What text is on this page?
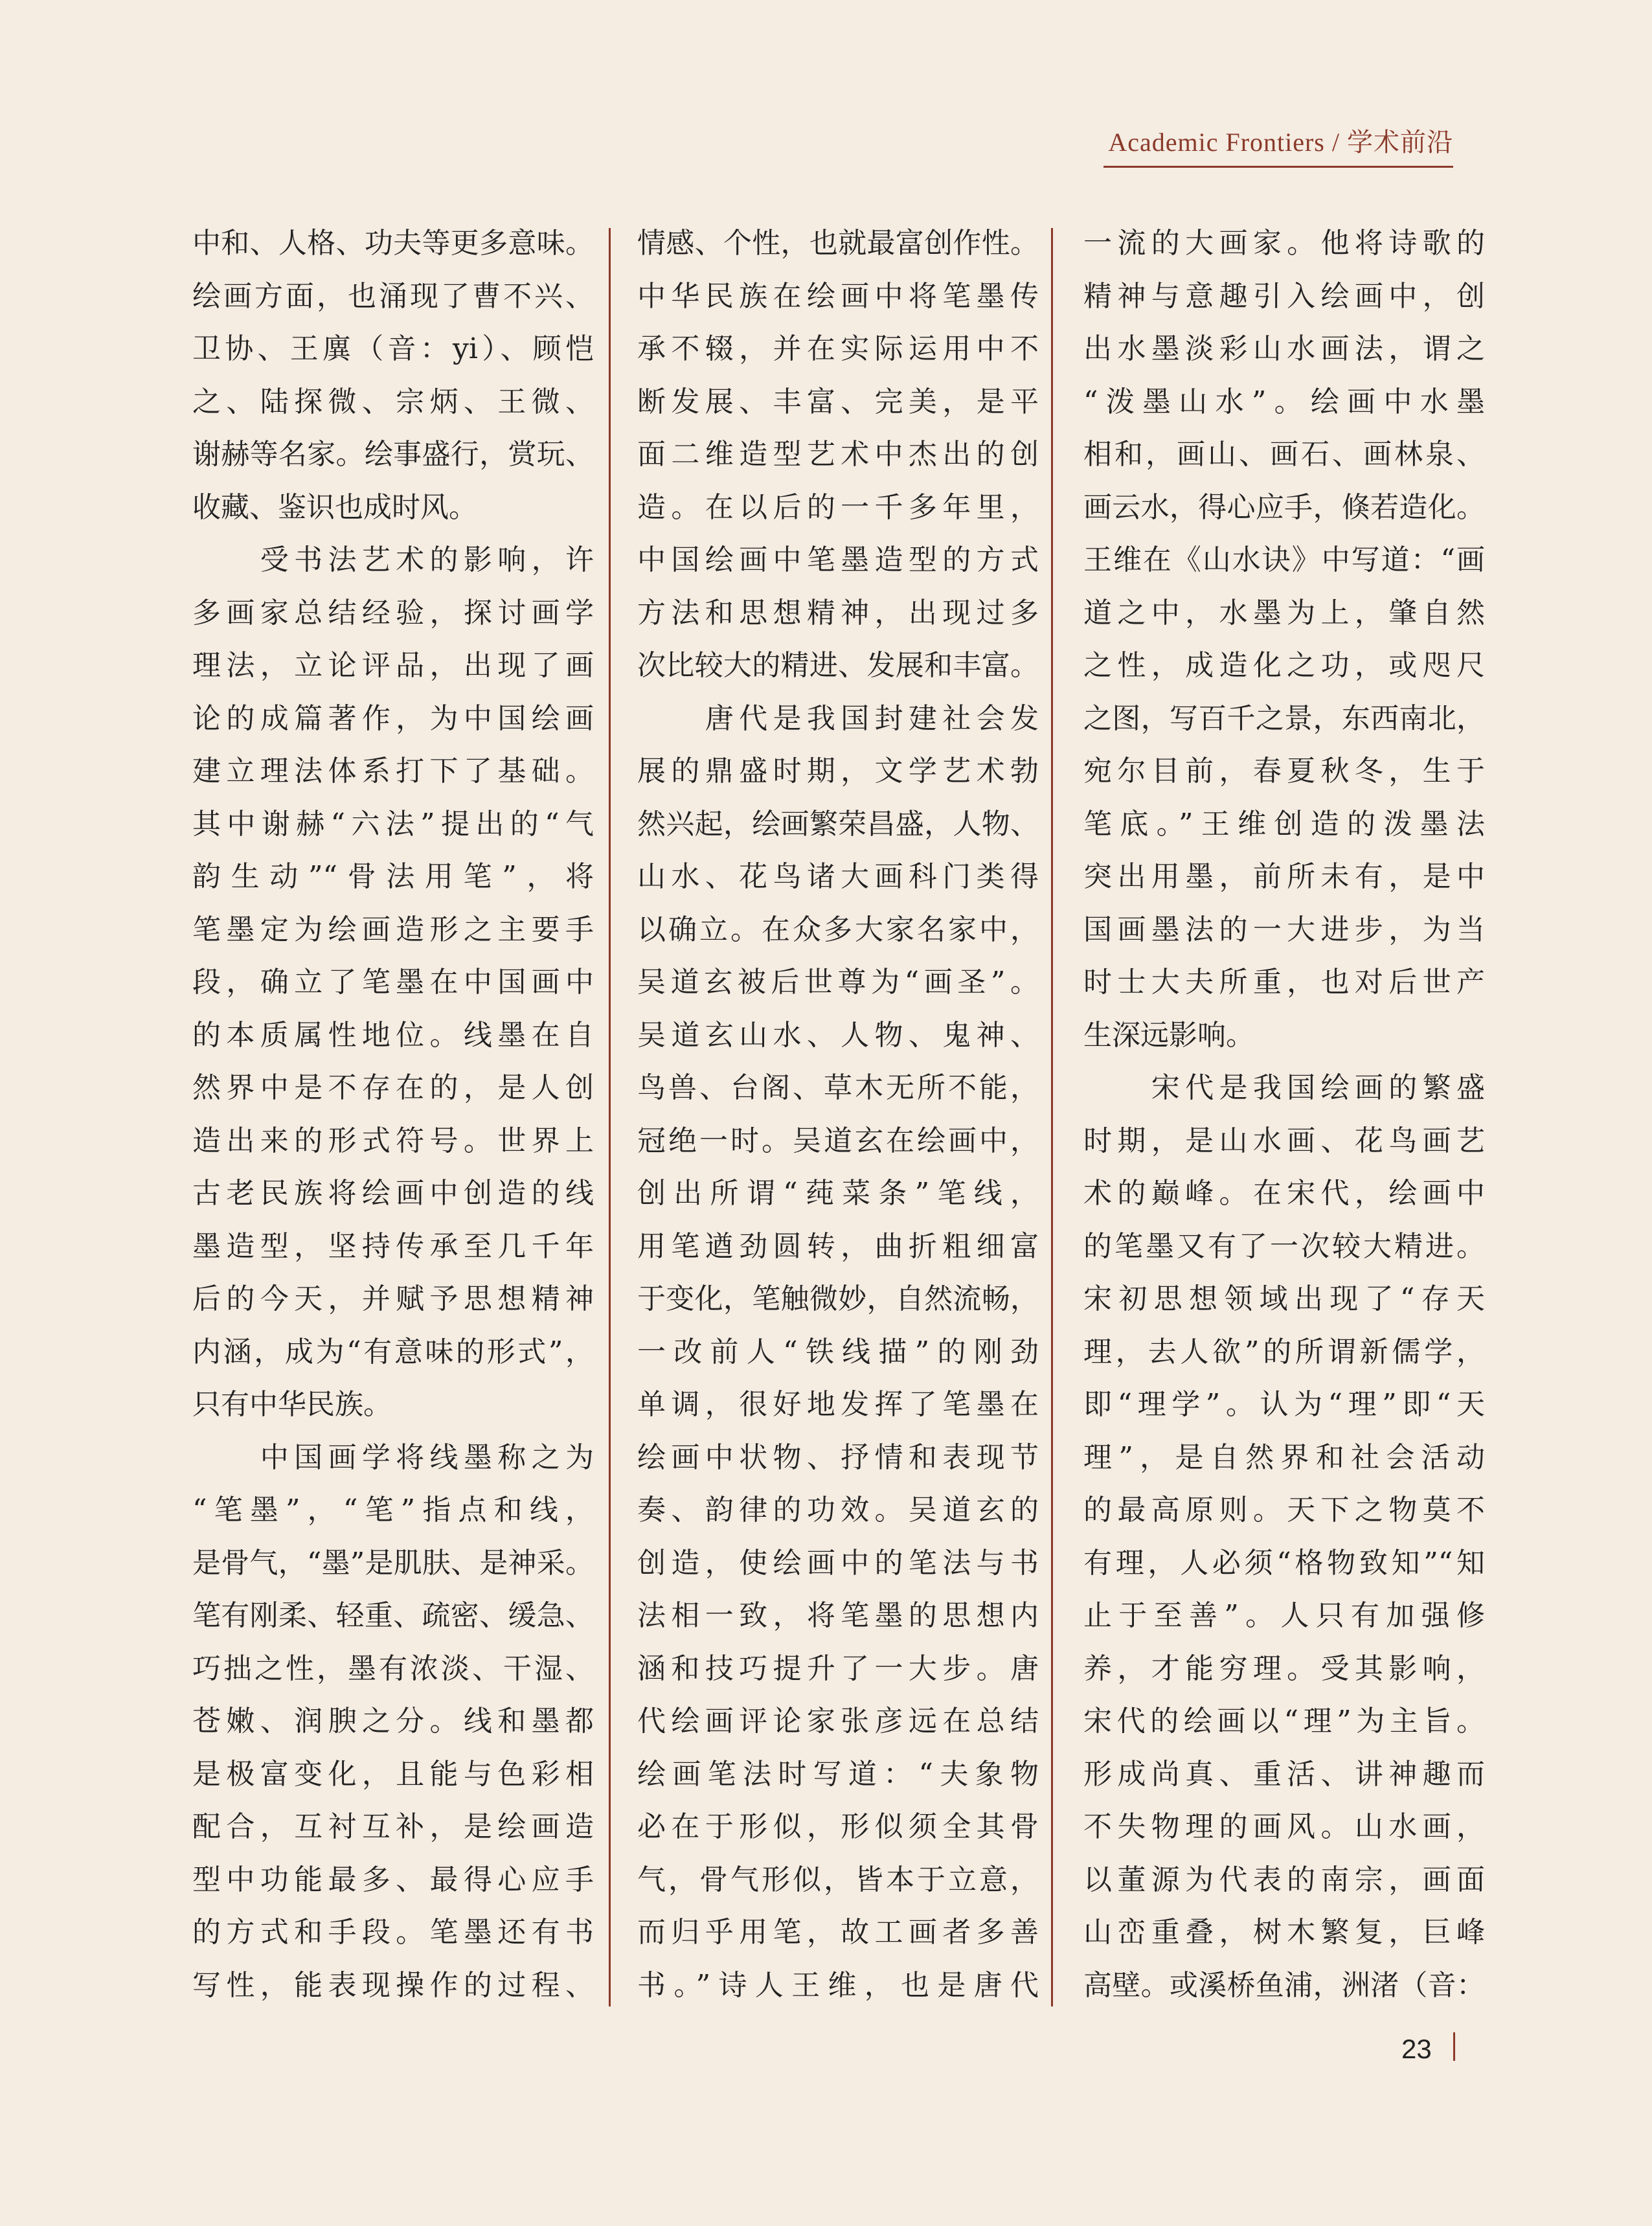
Academic Frontiers / 学术前沿

中和、人格、功夫等更多意味。

绘画方面，也涌现了曹不兴、

卫协、王廙（音：yi）、顾恺

之、陆探微、宗炳、王微、

谢赫等名家。绘事盛行，赏玩、

收藏、鉴识也成时风。

　　受书法艺术的影响，许

多画家总结经验，探讨画学

理法，立论评品，出现了画

论的成篇著作，为中国绘画

建立理法体系打下了基础。

其中谢赫“六法”提出的“气

韵生动”“骨法用笔”，将

笔墨定为绘画造形之主要手

段，确立了笔墨在中国画中

的本质属性地位。线墨在自

然界中是不存在的，是人创

造出来的形式符号。世界上

古老民族将绘画中创造的线

墨造型，坚持传承至几千年

后的今天，并赋予思想精神

内涵，成为“有意味的形式”，

只有中华民族。

　　中国画学将线墨称之为

“笔墨”，“笔”指点和线，

是骨气，“墨”是肌肤、是神采。

笔有刚柔、轻重、疏密、缓急、

巧拙之性，墨有浓淡、干湿、

苍嫩、润腴之分。线和墨都

是极富变化，且能与色彩相

配合，互衬互补，是绘画造

型中功能最多、最得心应手

的方式和手段。笔墨还有书

写性，能表现操作的过程、

情感、个性，也就最富创作性。

中华民族在绘画中将笔墨传

承不辍，并在实际运用中不

断发展、丰富、完美，是平

面二维造型艺术中杰出的创

造。在以后的一千多年里，

中国绘画中笔墨造型的方式

方法和思想精神，出现过多

次比较大的精进、发展和丰富。

　　唐代是我国封建社会发

展的鼎盛时期，文学艺术勃

然兴起，绘画繁荣昌盛，人物、

山水、花鸟诸大画科门类得

以确立。在众多大家名家中，

吴道玄被后世尊为“画圣”。

吴道玄山水、人物、鬼神、

鸟兽、台阁、草木无所不能，

冠绝一时。吴道玄在绘画中，

创出所谓“莼菜条”笔线，

用笔遒劲圆转，曲折粗细富

于变化，笔触微妙，自然流畅，

一改前人“铁线描”的刚劲

单调，很好地发挥了笔墨在

绘画中状物、抒情和表现节

奏、韵律的功效。吴道玄的

创造，使绘画中的笔法与书

法相一致，将笔墨的思想内

涵和技巧提升了一大步。唐

代绘画评论家张彦远在总结

绘画笔法时写道：“夫象物

必在于形似，形似须全其骨

气，骨气形似，皆本于立意，

而归乎用笔，故工画者多善

书。”诗人王维，也是唐代

一流的大画家。他将诗歌的

精神与意趣引入绘画中，创

出水墨淡彩山水画法，谓之

“泼墨山水”。绘画中水墨

相和，画山、画石、画林泉、

画云水，得心应手，倏若造化。

王维在《山水诀》中写道：“画

道之中，水墨为上，肇自然

之性，成造化之功，或咫尺

之图，写百千之景，东西南北，

宛尔目前，春夏秋冬，生于

笔底。”王维创造的泼墨法

突出用墨，前所未有，是中

国画墨法的一大进步，为当

时士大夫所重，也对后世产

生深远影响。

　　宋代是我国绘画的繁盛

时期，是山水画、花鸟画艺

术的巅峰。在宋代，绘画中

的笔墨又有了一次较大精进。

宋初思想领域出现了“存天

理，去人欲”的所谓新儒学，

即“理学”。认为“理”即“天

理”，是自然界和社会活动

的最高原则。天下之物莫不

有理，人必须“格物致知”“知

止于至善”。人只有加强修

养，才能穷理。受其影响，

宋代的绘画以“理”为主旨。

形成尚真、重活、讲神趣而

不失物理的画风。山水画，

以董源为代表的南宗，画面

山峦重叠，树木繁复，巨峰

高壁。或溪桥鱼浦，洲渚（音：

23
